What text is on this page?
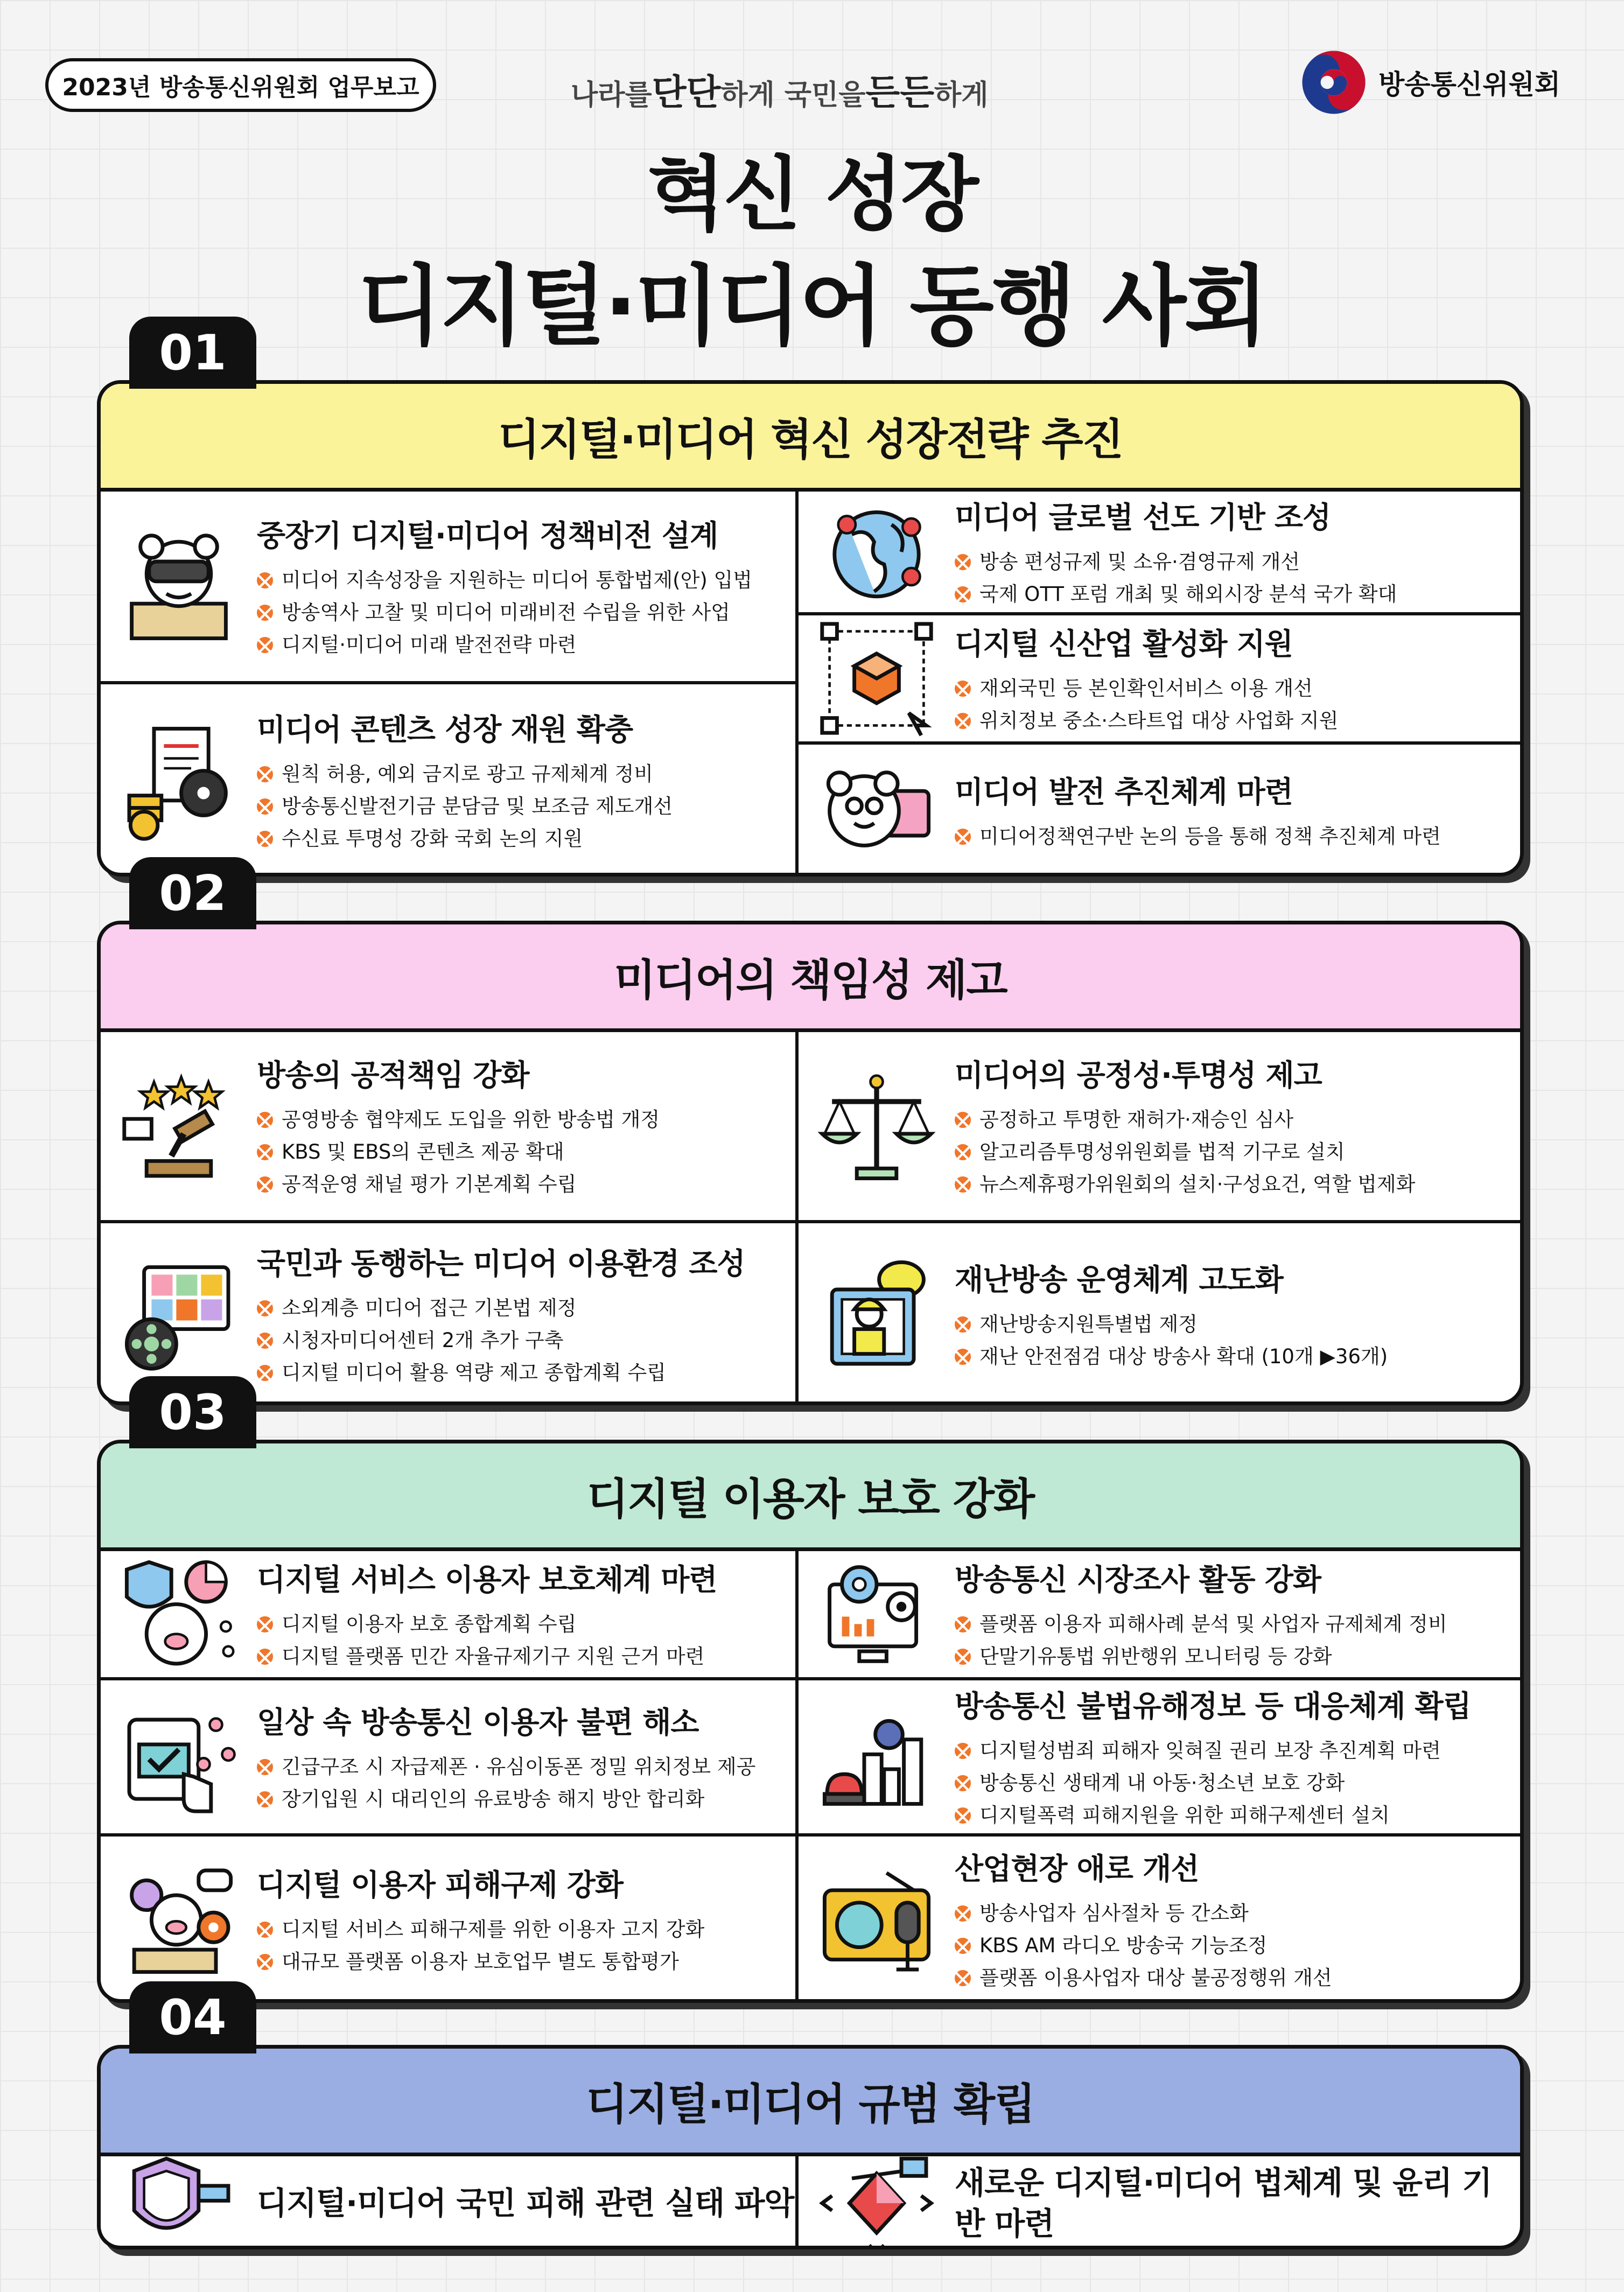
2023년 방송통신위원회 업무보고	나라를단단하게 국민을든든하게	방송통신위원회
혁신 성장
디지털·미디어 동행 사회
01
디지털·미디어 혁신 성장전략 추진
중장기 디지털·미디어 정책비전 설계
미디어 지속성장을 지원하는 미디어 통합법제(안) 입법
방송역사 고찰 및 미디어 미래비전 수립을 위한 사업
디지털·미디어 미래 발전전략 마련
미디어 콘텐츠 성장 재원 확충
원칙 허용, 예외 금지로 광고 규제체계 정비
방송통신발전기금 분담금 및 보조금 제도개선
수신료 투명성 강화 국회 논의 지원
미디어 글로벌 선도 기반 조성
방송 편성규제 및 소유·겸영규제 개선
국제 OTT 포럼 개최 및 해외시장 분석 국가 확대
디지털 신산업 활성화 지원
재외국민 등 본인확인서비스 이용 개선
위치정보 중소·스타트업 대상 사업화 지원
미디어 발전 추진체계 마련
미디어정책연구반 논의 등을 통해 정책 추진체계 마련
02
미디어의 책임성 제고
방송의 공적책임 강화
공영방송 협약제도 도입을 위한 방송법 개정
KBS 및 EBS의 콘텐츠 제공 확대
공적운영 채널 평가 기본계획 수립
국민과 동행하는 미디어 이용환경 조성
소외계층 미디어 접근 기본법 제정
시청자미디어센터 2개 추가 구축
디지털 미디어 활용 역량 제고 종합계획 수립
미디어의 공정성·투명성 제고
공정하고 투명한 재허가·재승인 심사
알고리즘투명성위원회를 법적 기구로 설치
뉴스제휴평가위원회의 설치·구성요건, 역할 법제화
재난방송 운영체계 고도화
재난방송지원특별법 제정
재난 안전점검 대상 방송사 확대 (10개 ▶36개)
03
디지털 이용자 보호 강화
디지털 서비스 이용자 보호체계 마련
디지털 이용자 보호 종합계획 수립
디지털 플랫폼 민간 자율규제기구 지원 근거 마련
일상 속 방송통신 이용자 불편 해소
긴급구조 시 자급제폰 · 유심이동폰 정밀 위치정보 제공
장기입원 시 대리인의 유료방송 해지 방안 합리화
디지털 이용자 피해구제 강화
디지털 서비스 피해구제를 위한 이용자 고지 강화
대규모 플랫폼 이용자 보호업무 별도 통합평가
방송통신 시장조사 활동 강화
플랫폼 이용자 피해사례 분석 및 사업자 규제체계 정비
단말기유통법 위반행위 모니터링 등 강화
방송통신 불법유해정보 등 대응체계 확립
디지털성범죄 피해자 잊혀질 권리 보장 추진계획 마련
방송통신 생태계 내 아동·청소년 보호 강화
디지털폭력 피해지원을 위한 피해구제센터 설치
산업현장 애로 개선
방송사업자 심사절차 등 간소화
KBS AM 라디오 방송국 기능조정
플랫폼 이용사업자 대상 불공정행위 개선
04
디지털·미디어 규범 확립
디지털·미디어 국민 피해 관련 실태 파악
새로운 디지털·미디어 법체계 및 윤리 기반 마련
